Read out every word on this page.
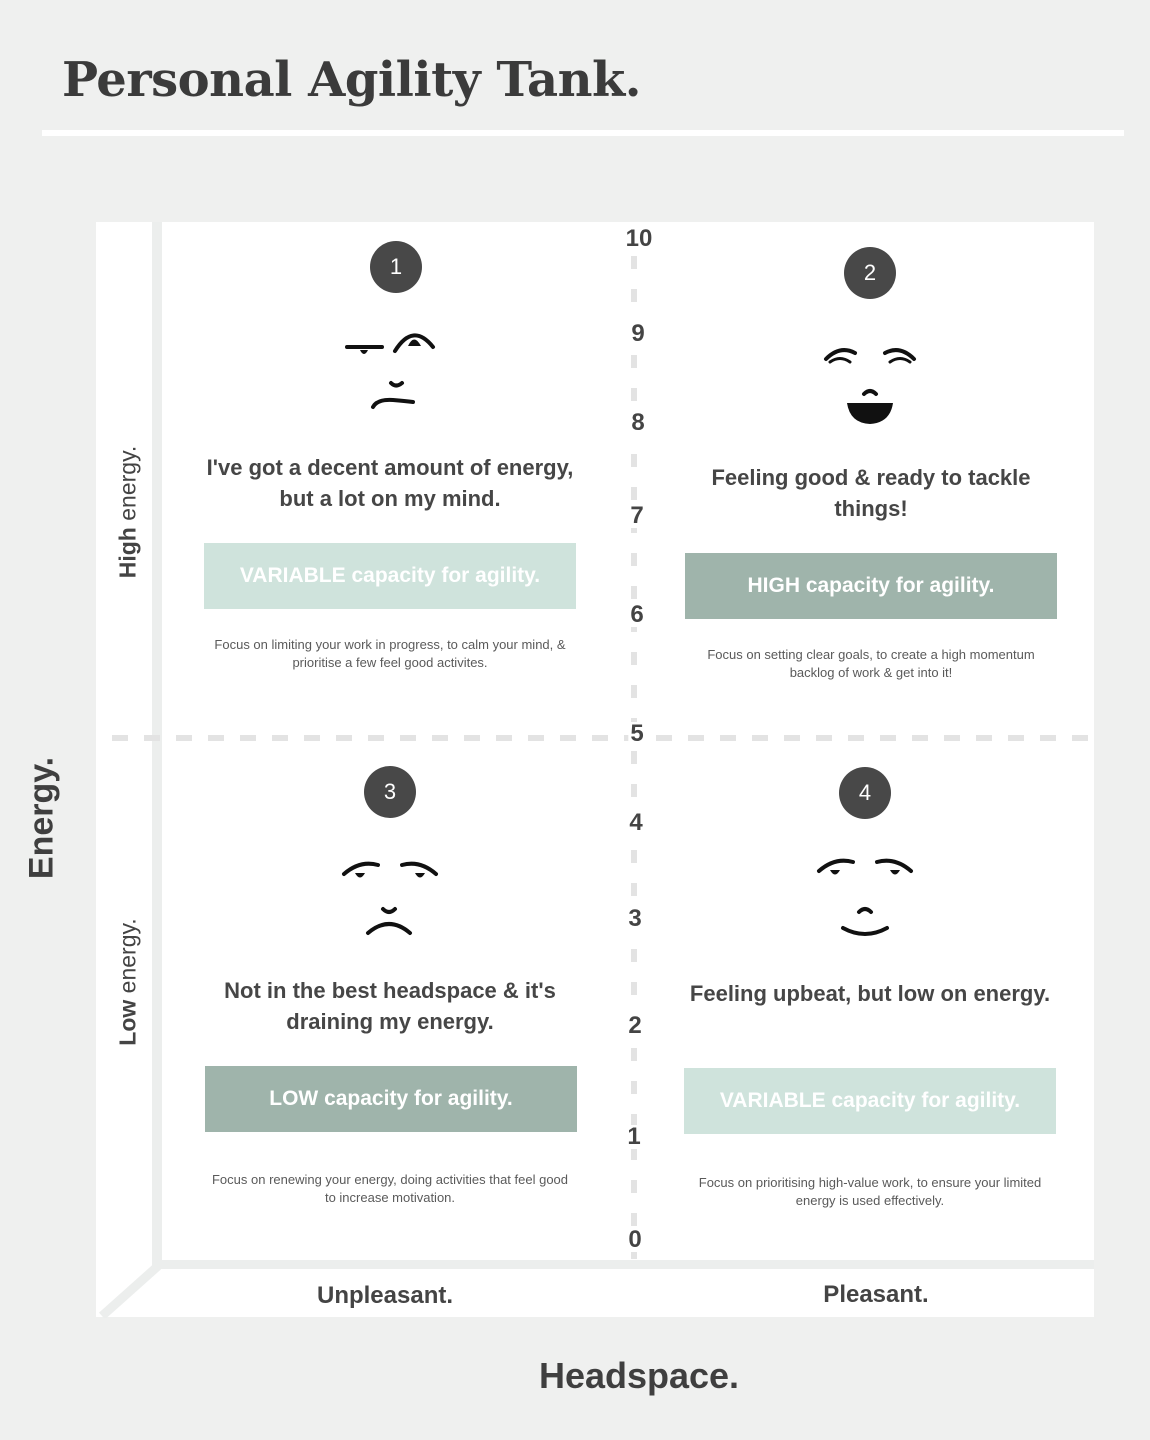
Personal Agility Tank.
Energy.
High energy.
Low energy.
Unpleasant.	Pleasant.
Headspace.
10
9
8
7
6
5
4
3
2
1
0
1
I've got a decent amount of energy, but a lot on my mind.
VARIABLE capacity for agility.
Focus on limiting your work in progress, to calm your mind, & prioritise a few feel good activites.
2
Feeling good & ready to tackle things!
HIGH capacity for agility.
Focus on setting clear goals, to create a high momentum backlog of work & get into it!
3
Not in the best headspace & it's draining my energy.
LOW capacity for agility.
Focus on renewing your energy, doing activities that feel good to increase motivation.
4
Feeling upbeat, but low on energy.
VARIABLE capacity for agility.
Focus on prioritising high-value work, to ensure your limited energy is used effectively.
